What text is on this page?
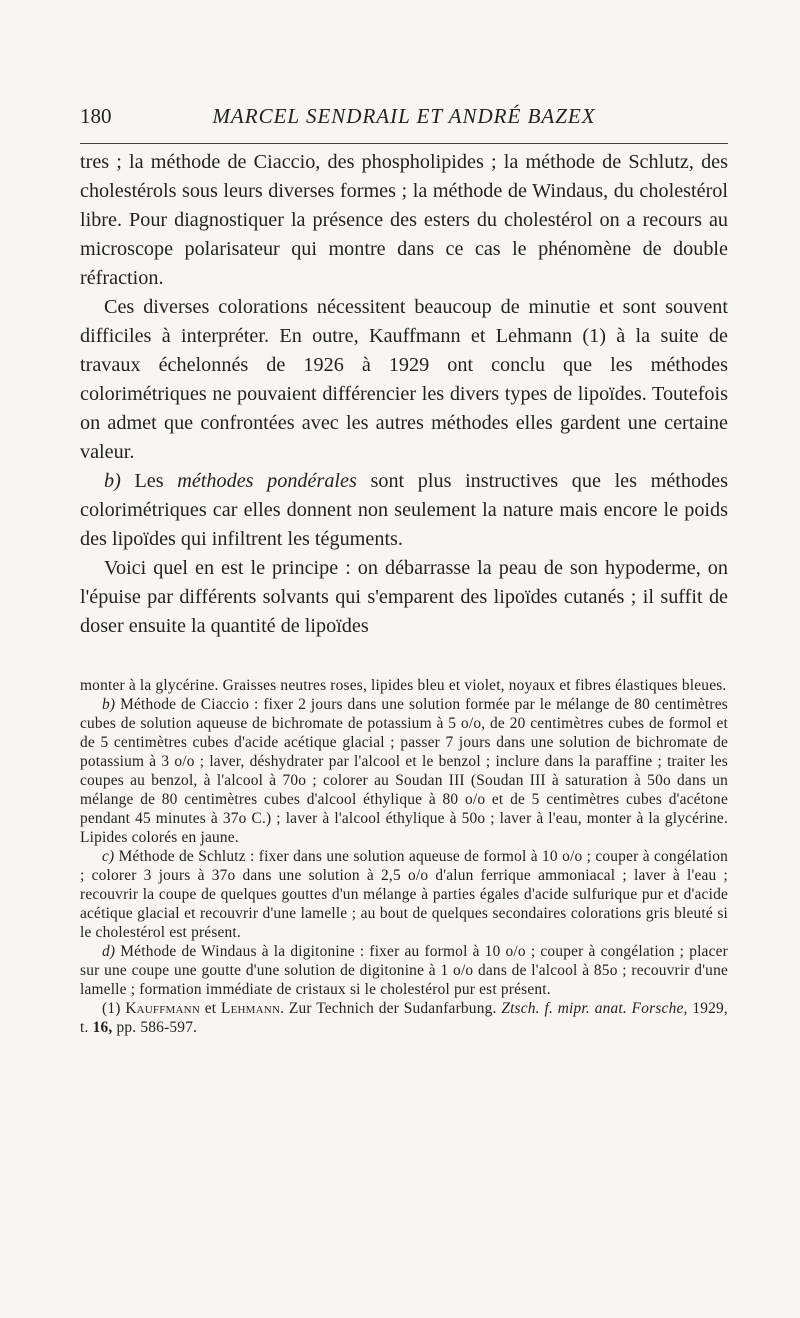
180	MARCEL SENDRAIL ET ANDRÉ BAZEX

tres ; la méthode de Ciaccio, des phospholipides ; la méthode de Schlutz, des cholestérols sous leurs diverses formes ; la méthode de Windaus, du cholestérol libre. Pour diagnostiquer la présence des esters du cholestérol on a recours au microscope polarisateur qui montre dans ce cas le phénomène de double réfraction.

Ces diverses colorations nécessitent beaucoup de minutie et sont souvent difficiles à interpréter. En outre, Kauffmann et Lehmann (1) à la suite de travaux échelonnés de 1926 à 1929 ont conclu que les méthodes colorimétriques ne pouvaient différencier les divers types de lipoïdes. Toutefois on admet que confrontées avec les autres méthodes elles gardent une certaine valeur.

b) Les méthodes pondérales sont plus instructives que les méthodes colorimétriques car elles donnent non seulement la nature mais encore le poids des lipoïdes qui infiltrent les téguments.

Voici quel en est le principe : on débarrasse la peau de son hypoderme, on l'épuise par différents solvants qui s'emparent des lipoïdes cutanés ; il suffit de doser ensuite la quantité de lipoïdes

monter à la glycérine. Graisses neutres roses, lipides bleu et violet, noyaux et fibres élastiques bleues.

b) Méthode de Ciaccio : fixer 2 jours dans une solution formée par le mélange de 80 centimètres cubes de solution aqueuse de bichromate de potassium à 5 o/o, de 20 centimètres cubes de formol et de 5 centimètres cubes d'acide acétique glacial ; passer 7 jours dans une solution de bichromate de potassium à 3 o/o ; laver, déshydrater par l'alcool et le benzol ; inclure dans la paraffine ; traiter les coupes au benzol, à l'alcool à 70o ; colorer au Soudan III (Soudan III à saturation à 50o dans un mélange de 80 centimètres cubes d'alcool éthylique à 80 o/o et de 5 centimètres cubes d'acétone pendant 45 minutes à 37o C.) ; laver à l'alcool éthylique à 50o ; laver à l'eau, monter à la glycérine. Lipides colorés en jaune.

c) Méthode de Schlutz : fixer dans une solution aqueuse de formol à 10 o/o ; couper à congélation ; colorer 3 jours à 37o dans une solution à 2,5 o/o d'alun ferrique ammoniacal ; laver à l'eau ; recouvrir la coupe de quelques gouttes d'un mélange à parties égales d'acide sulfurique pur et d'acide acétique glacial et recouvrir d'une lamelle ; au bout de quelques secondaires colorations gris bleuté si le cholestérol est présent.

d) Méthode de Windaus à la digitonine : fixer au formol à 10 o/o ; couper à congélation ; placer sur une coupe une goutte d'une solution de digitonine à 1 o/o dans de l'alcool à 85o ; recouvrir d'une lamelle ; formation immédiate de cristaux si le cholestérol pur est présent.

(1) Kauffmann et Lehmann. Zur Technich der Sudanfarbung. Ztsch. f. mipr. anat. Forsche, 1929, t. 16, pp. 586-597.
